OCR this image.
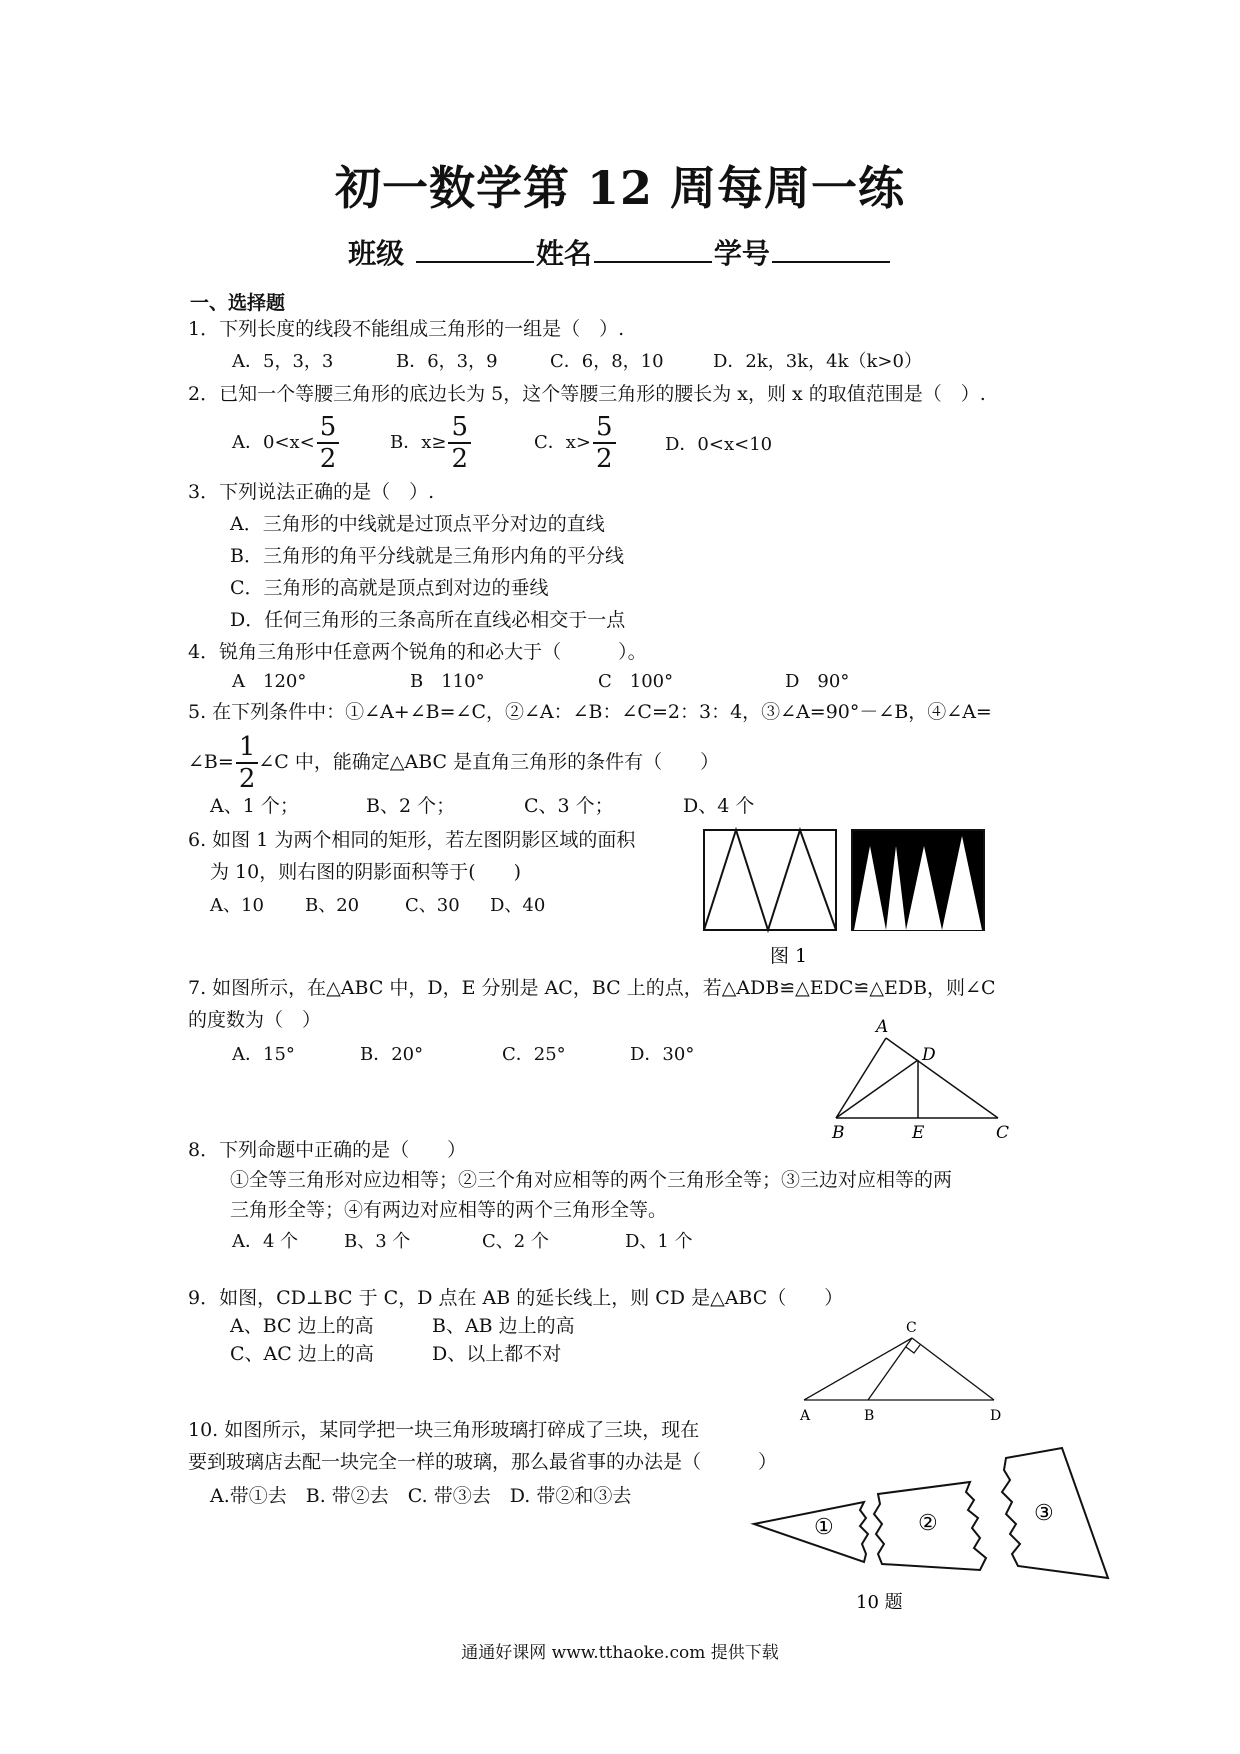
初一数学第 12 周每周一练
班级	姓名	学号
一、选择题
1．下列长度的线段不能组成三角形的一组是（　）.
A．5，3，3	B．6，3，9	C．6，8，10	D．2k，3k，4k（k>0）
2．已知一个等腰三角形的底边长为 5，这个等腰三角形的腰长为 x，则 x 的取值范围是（　）.
A．$0<x< \frac{5}{2}$	B．$x\ge \frac{5}{2}$	C．$x> \frac{5}{2}$	D．0<x<10
3．下列说法正确的是（　）.
A．三角形的中线就是过顶点平分对边的直线
B．三角形的角平分线就是三角形内角的平分线
C．三角形的高就是顶点到对边的垂线
D．任何三角形的三条高所在直线必相交于一点
4．锐角三角形中任意两个锐角的和必大于（　　　）。
A　120°	B　110°	C　100°	D　90°
5. 在下列条件中：①∠A+∠B=∠C，②∠A：∠B：∠C=2：3：4，③∠A=90°－∠B，④∠A=
∠B= $\frac{1}{2}$ ∠C 中，能确定△ABC 是直角三角形的条件有（　　）
A、1 个；	B、2 个；	C、3 个；	D、4 个
6. 如图 1 为两个相同的矩形，若左图阴影区域的面积
为 10，则右图的阴影面积等于(　　)
A、10 B、20	C、30 D、40
图 1
7. 如图所示，在△ABC 中，D，E 分别是 AC，BC 上的点，若△ADB≌△EDC≌△EDB，则∠C
的度数为（　）
A．15°	B．20°	C．25°	D．30°
A
D
B	E	C
8．下列命题中正确的是（　　）
①全等三角形对应边相等；②三个角对应相等的两个三角形全等；③三边对应相等的两
三角形全等；④有两边对应相等的两个三角形全等。
A．4 个	B、3 个	C、2 个	D、1 个
9．如图，CD⊥BC 于 C，D 点在 AB 的延长线上，则 CD 是△ABC（　　）
A、BC 边上的高	B、AB 边上的高
C、AC 边上的高	D、以上都不对
C
A	B	D
10. 如图所示，某同学把一块三角形玻璃打碎成了三块，现在
要到玻璃店去配一块完全一样的玻璃，那么最省事的办法是（　　　）
A.带①去　B. 带②去　C. 带③去　D. 带②和③去
①	②	③
10 题
通通好课网 www.tthaoke.com 提供下载
